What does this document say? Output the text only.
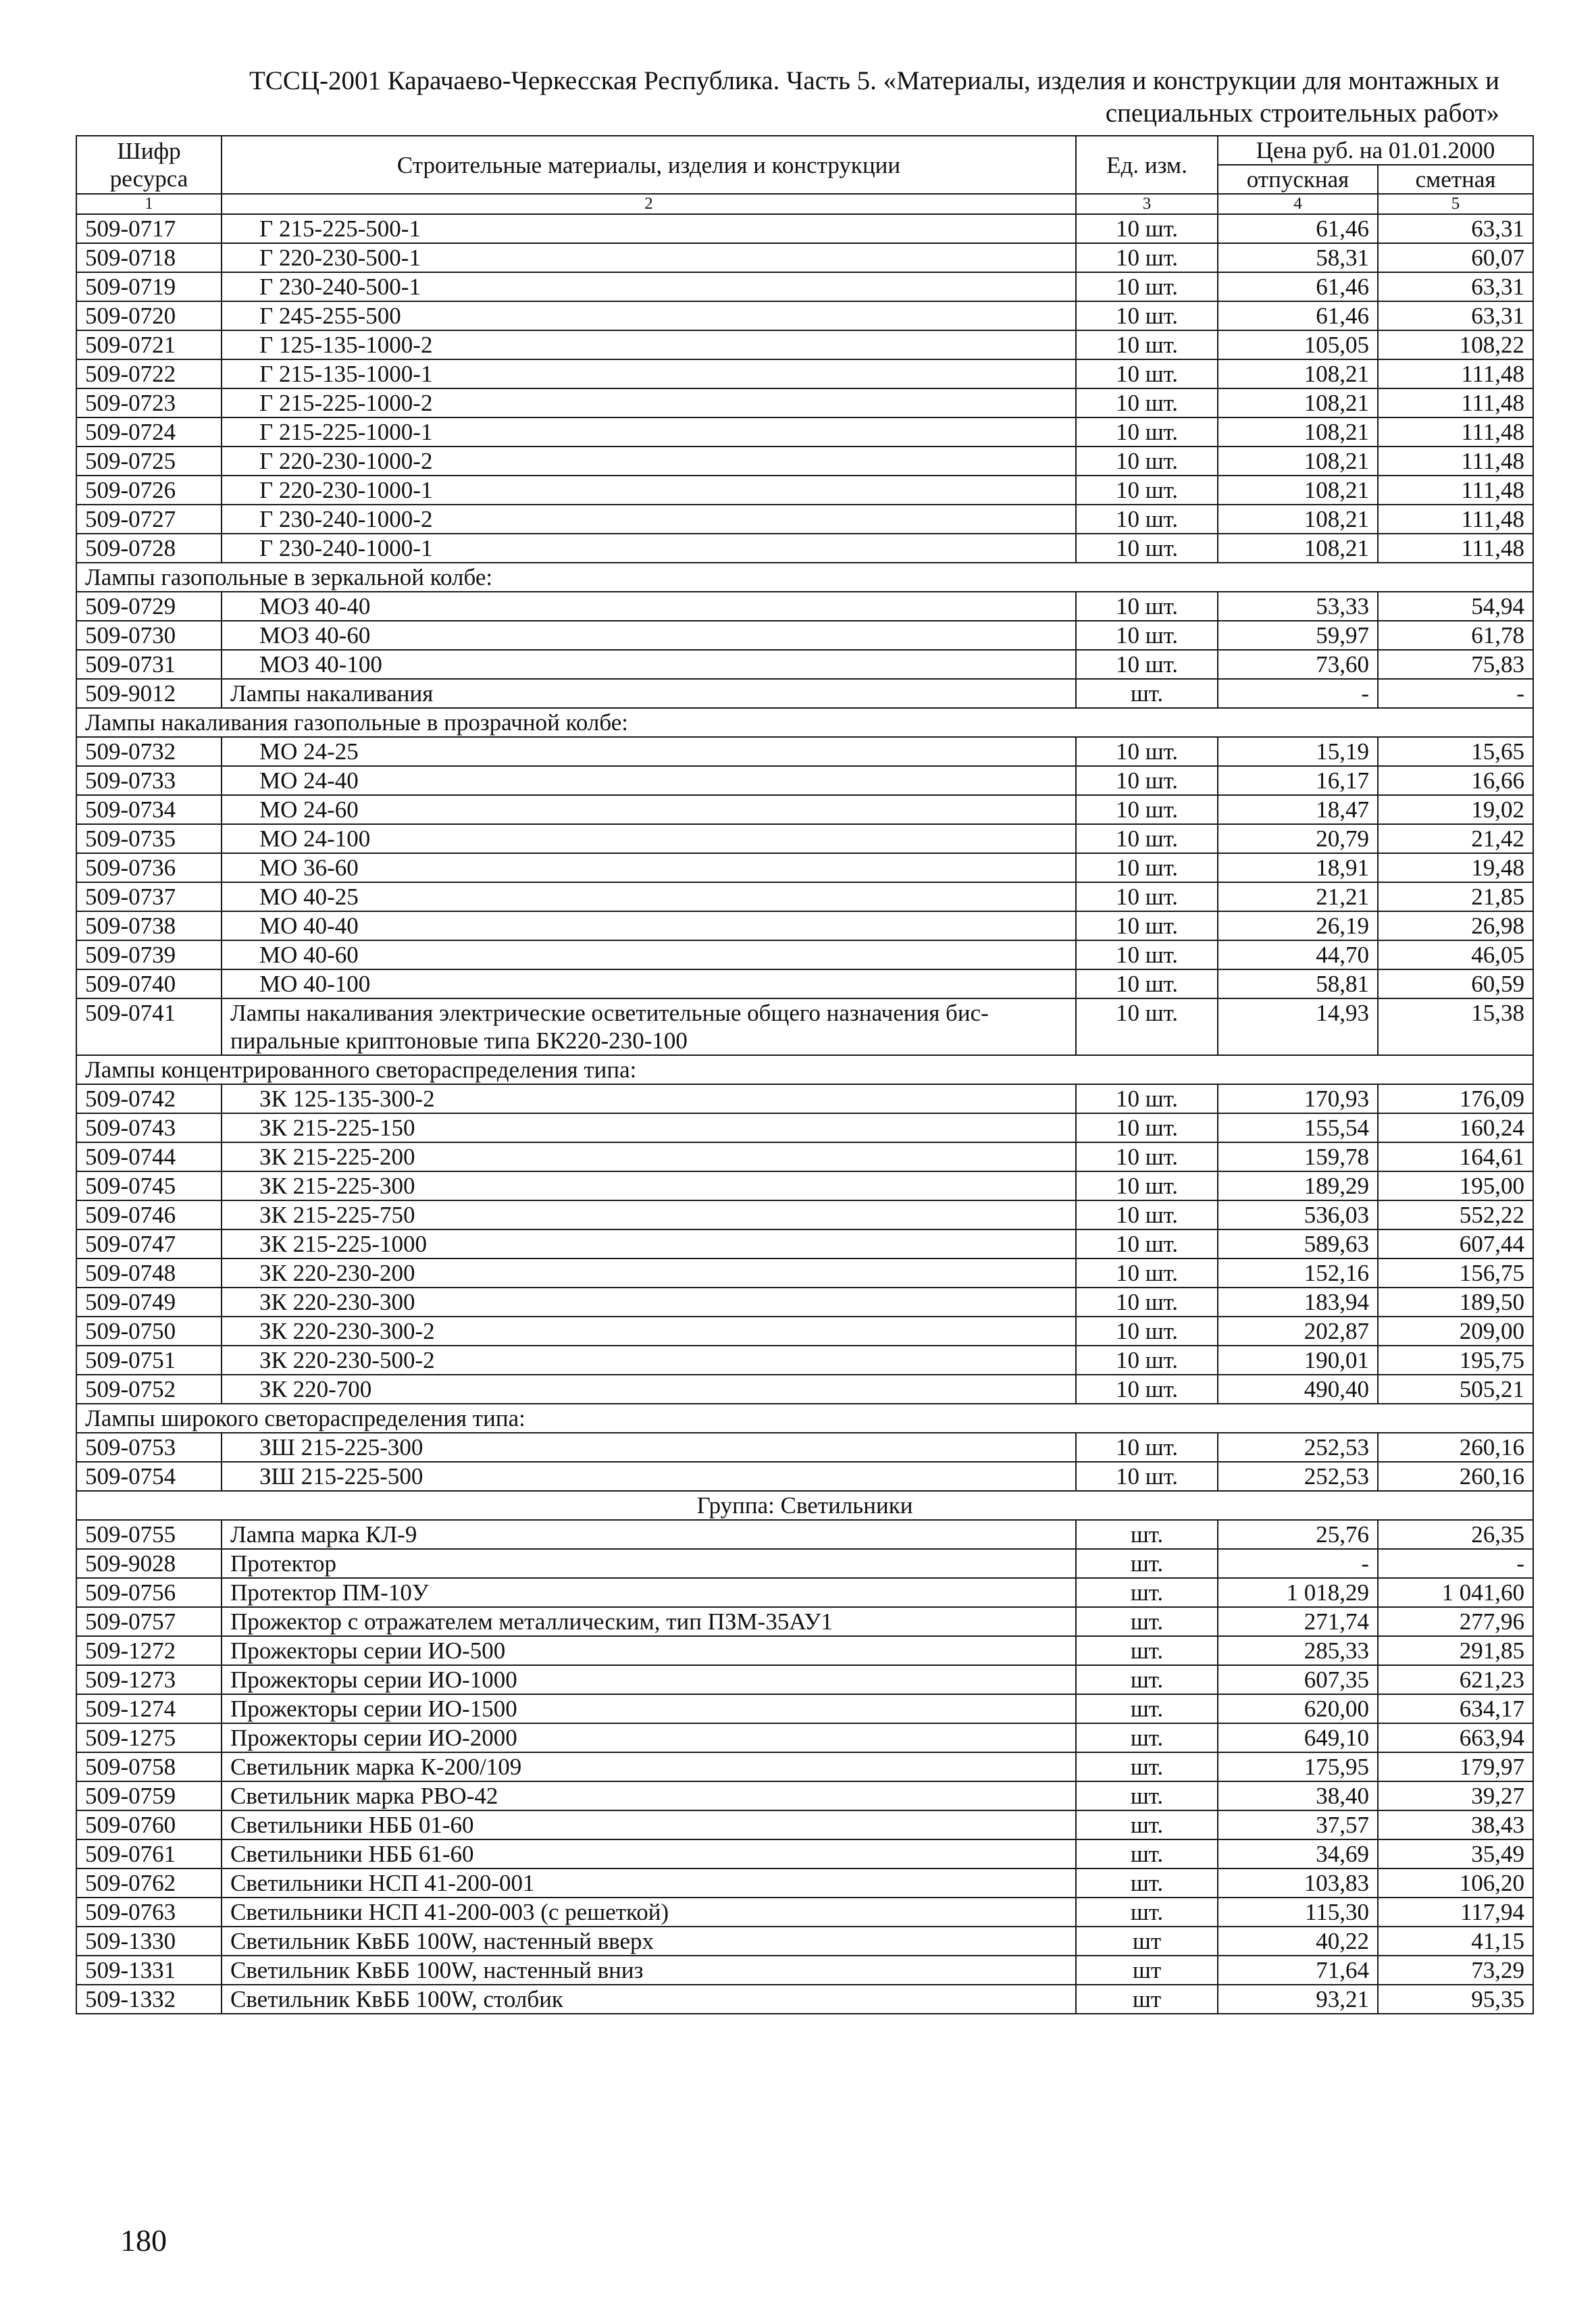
ТССЦ-2001 Карачаево-Черкесская Республика. Часть 5. «Материалы, изделия и конструкции для монтажных и
специальных строительных работ»
Шифр ресурса	Строительные материалы, изделия и конструкции	Ед. изм.	Цена руб. на 01.01.2000	
			отпускная	сметная
1	2	3	4	5
509-0717	Г 215-225-500-1	10 шт.	61,46	63,31
509-0718	Г 220-230-500-1	10 шт.	58,31	60,07
509-0719	Г 230-240-500-1	10 шт.	61,46	63,31
509-0720	Г 245-255-500	10 шт.	61,46	63,31
509-0721	Г 125-135-1000-2	10 шт.	105,05	108,22
509-0722	Г 215-135-1000-1	10 шт.	108,21	111,48
509-0723	Г 215-225-1000-2	10 шт.	108,21	111,48
509-0724	Г 215-225-1000-1	10 шт.	108,21	111,48
509-0725	Г 220-230-1000-2	10 шт.	108,21	111,48
509-0726	Г 220-230-1000-1	10 шт.	108,21	111,48
509-0727	Г 230-240-1000-2	10 шт.	108,21	111,48
509-0728	Г 230-240-1000-1	10 шт.	108,21	111,48
Лампы газопольные в зеркальной колбе:				
509-0729	МОЗ 40-40	10 шт.	53,33	54,94
509-0730	МОЗ 40-60	10 шт.	59,97	61,78
509-0731	МОЗ 40-100	10 шт.	73,60	75,83
509-9012	Лампы накаливания	шт.	-	-
Лампы накаливания газопольные в прозрачной колбе:				
509-0732	МО 24-25	10 шт.	15,19	15,65
509-0733	МО 24-40	10 шт.	16,17	16,66
509-0734	МО 24-60	10 шт.	18,47	19,02
509-0735	МО 24-100	10 шт.	20,79	21,42
509-0736	МО 36-60	10 шт.	18,91	19,48
509-0737	МО 40-25	10 шт.	21,21	21,85
509-0738	МО 40-40	10 шт.	26,19	26,98
509-0739	МО 40-60	10 шт.	44,70	46,05
509-0740	МО 40-100	10 шт.	58,81	60,59
509-0741	Лампы накаливания электрические осветительные общего назначения бис-
пиральные криптоновые типа БК220-230-100	10 шт.	14,93	15,38
Лампы концентрированного светораспределения типа:				
509-0742	ЗК 125-135-300-2	10 шт.	170,93	176,09
509-0743	ЗК 215-225-150	10 шт.	155,54	160,24
509-0744	ЗК 215-225-200	10 шт.	159,78	164,61
509-0745	ЗК 215-225-300	10 шт.	189,29	195,00
509-0746	ЗК 215-225-750	10 шт.	536,03	552,22
509-0747	ЗК 215-225-1000	10 шт.	589,63	607,44
509-0748	ЗК 220-230-200	10 шт.	152,16	156,75
509-0749	ЗК 220-230-300	10 шт.	183,94	189,50
509-0750	ЗК 220-230-300-2	10 шт.	202,87	209,00
509-0751	ЗК 220-230-500-2	10 шт.	190,01	195,75
509-0752	ЗК 220-700	10 шт.	490,40	505,21
Лампы широкого светораспределения типа:				
509-0753	ЗШ 215-225-300	10 шт.	252,53	260,16
509-0754	ЗШ 215-225-500	10 шт.	252,53	260,16
Группа: Светильники				
509-0755	Лампа марка КЛ-9	шт.	25,76	26,35
509-9028	Протектор	шт.	-	-
509-0756	Протектор ПМ-10У	шт.	1 018,29	1 041,60
509-0757	Прожектор с отражателем металлическим, тип ПЗМ-35АУ1	шт.	271,74	277,96
509-1272	Прожекторы серии ИО-500	шт.	285,33	291,85
509-1273	Прожекторы серии ИО-1000	шт.	607,35	621,23
509-1274	Прожекторы серии ИО-1500	шт.	620,00	634,17
509-1275	Прожекторы серии ИО-2000	шт.	649,10	663,94
509-0758	Светильник марка К-200/109	шт.	175,95	179,97
509-0759	Светильник марка РВО-42	шт.	38,40	39,27
509-0760	Светильники НББ 01-60	шт.	37,57	38,43
509-0761	Светильники НББ 61-60	шт.	34,69	35,49
509-0762	Светильники НСП 41-200-001	шт.	103,83	106,20
509-0763	Светильники НСП 41-200-003 (с решеткой)	шт.	115,30	117,94
509-1330	Светильник КвББ 100W, настенный вверх	шт	40,22	41,15
509-1331	Светильник КвББ 100W, настенный вниз	шт	71,64	73,29
509-1332	Светильник КвББ 100W, столбик	шт	93,21	95,35
180
